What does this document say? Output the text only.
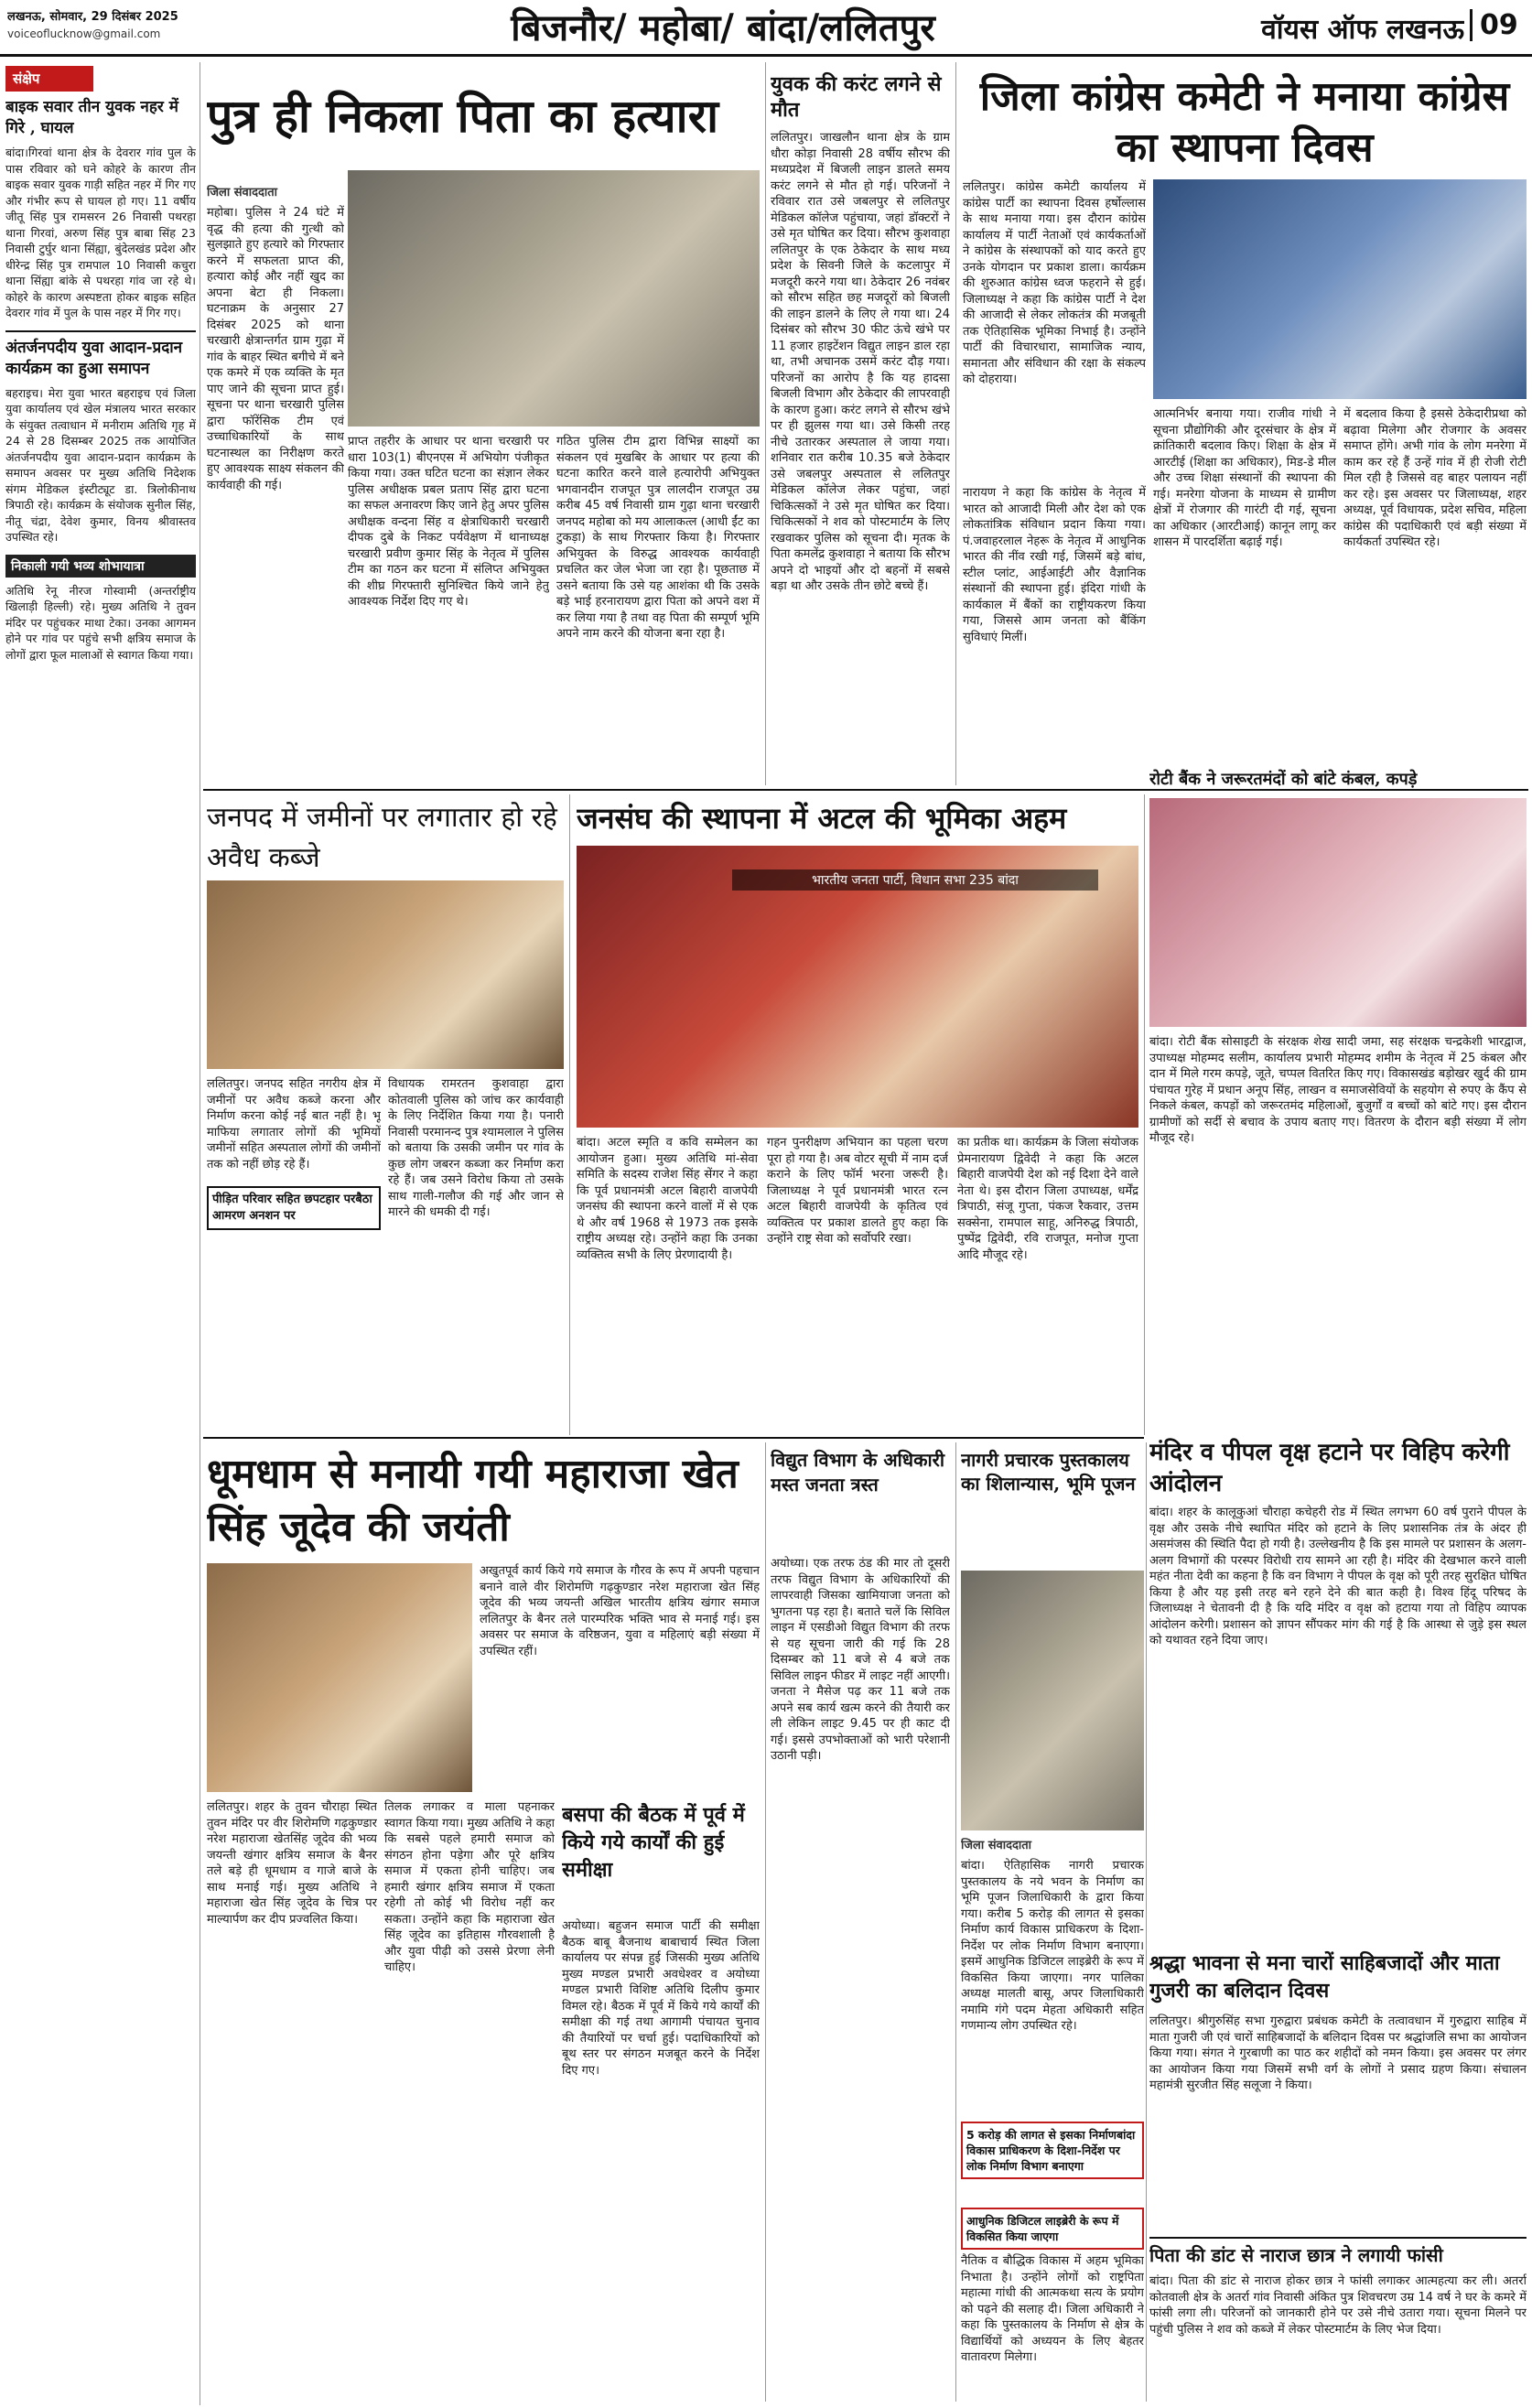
लखनऊ, सोमवार, 29 दिसंबर 2025
voiceoflucknow@gmail.com	बिजनौर/ महोबा/ बांदा/ललितपुर	वॉयस ऑफ लखनऊ 09
संक्षेप
बाइक सवार तीन युवक नहर में गिरे , घायल
बांदा।गिरवां थाना क्षेत्र के देवरार गांव पुल के पास रविवार को घने कोहरे के कारण तीन बाइक सवार युवक गाड़ी सहित नहर में गिर गए और गंभीर रूप से घायल हो गए। 11 वर्षीय जीतू सिंह पुत्र रामसरन 26 निवासी पथरहा थाना गिरवां, अरुण सिंह पुत्र बाबा सिंह 23 निवासी टुर्घुर थाना सिंह्या, बुंदेलखंड प्रदेश और धीरेन्द्र सिंह पुत्र रामपाल 10 निवासी कचुरा थाना सिंह्या बांके से पथरहा गांव जा रहे थे। कोहरे के कारण अस्पष्टता होकर बाइक सहित देवरार गांव में पुल के पास नहर में गिर गए।
अंतर्जनपदीय युवा आदान-प्रदान कार्यक्रम का हुआ समापन
बहराइच। मेरा युवा भारत बहराइच एवं जिला युवा कार्यालय एवं खेल मंत्रालय भारत सरकार के संयुक्त तत्वाधान में मनीराम अतिथि गृह में 24 से 28 दिसम्बर 2025 तक आयोजित अंतर्जनपदीय युवा आदान-प्रदान कार्यक्रम के समापन अवसर पर मुख्य अतिथि निदेशक संगम मेडिकल इंस्टीट्यूट डा. त्रिलोकीनाथ त्रिपाठी रहे। कार्यक्रम के संयोजक सुनील सिंह, नीतू चंद्रा, देवेश कुमार, विनय श्रीवास्तव उपस्थित रहे।
निकाली गयी भव्य शोभायात्रा
अतिथि रेनू नीरज गोस्वामी (अन्तर्राष्ट्रीय खिलाड़ी हिल्ली) रहे। मुख्य अतिथि ने तुवन मंदिर पर पहुंचकर माथा टेका। उनका आगमन होने पर गांव पर पहुंचे सभी क्षत्रिय समाज के लोगों द्वारा फूल मालाओं से स्वागत किया गया।
पुत्र ही निकला पिता का हत्यारा
जिला संवाददाता
महोबा। पुलिस ने 24 घंटे में वृद्ध की हत्या की गुत्थी को सुलझाते हुए हत्यारे को गिरफ्तार करने में सफलता प्राप्त की, हत्यारा कोई और नहीं खुद का अपना बेटा ही निकला। घटनाक्रम के अनुसार 27 दिसंबर 2025 को थाना चरखारी क्षेत्रान्तर्गत ग्राम गुढ़ा में गांव के बाहर स्थित बगीचे में बने एक कमरे में एक व्यक्ति के मृत पाए जाने की सूचना प्राप्त हुई। सूचना पर थाना चरखारी पुलिस द्वारा फॉरेंसिक टीम एवं उच्चाधिकारियों के साथ घटनास्थल का निरीक्षण करते हुए आवश्यक साक्ष्य संकलन की कार्यवाही की गई।
प्राप्त तहरीर के आधार पर थाना चरखारी पर धारा 103(1) बीएनएस में अभियोग पंजीकृत किया गया। उक्त घटित घटना का संज्ञान लेकर पुलिस अधीक्षक प्रबल प्रताप सिंह द्वारा घटना का सफल अनावरण किए जाने हेतु अपर पुलिस अधीक्षक वन्दना सिंह व क्षेत्राधिकारी चरखारी दीपक दुबे के निकट पर्यवेक्षण में थानाध्यक्ष चरखारी प्रवीण कुमार सिंह के नेतृत्व में पुलिस टीम का गठन कर घटना में संलिप्त अभियुक्त की शीघ्र गिरफ्तारी सुनिश्चित किये जाने हेतु आवश्यक निर्देश दिए गए थे।
गठित पुलिस टीम द्वारा विभिन्न साक्ष्यों का संकलन एवं मुखबिर के आधार पर हत्या की घटना कारित करने वाले हत्यारोपी अभियुक्त भगवानदीन राजपूत पुत्र लालदीन राजपूत उम्र करीब 45 वर्ष निवासी ग्राम गुढ़ा थाना चरखारी जनपद महोबा को मय आलाकत्ल (आधी ईंट का टुकड़ा) के साथ गिरफ्तार किया है। गिरफ्तार अभियुक्त के विरुद्ध आवश्यक कार्यवाही प्रचलित कर जेल भेजा जा रहा है। पूछताछ में उसने बताया कि उसे यह आशंका थी कि उसके बड़े भाई हरनारायण द्वारा पिता को अपने वश में कर लिया गया है तथा वह पिता की सम्पूर्ण भूमि अपने नाम करने की योजना बना रहा है।
युवक की करंट लगने से मौत
ललितपुर। जाखलौन थाना क्षेत्र के ग्राम धौरा कोड़ा निवासी 28 वर्षीय सौरभ की मध्यप्रदेश में बिजली लाइन डालते समय करंट लगने से मौत हो गई। परिजनों ने रविवार रात उसे जबलपुर से ललितपुर मेडिकल कॉलेज पहुंचाया, जहां डॉक्टरों ने उसे मृत घोषित कर दिया। सौरभ कुशवाहा ललितपुर के एक ठेकेदार के साथ मध्य प्रदेश के सिवनी जिले के कटलापुर में मजदूरी करने गया था। ठेकेदार 26 नवंबर को सौरभ सहित छह मजदूरों को बिजली की लाइन डालने के लिए ले गया था। 24 दिसंबर को सौरभ 30 फीट ऊंचे खंभे पर 11 हजार हाइटेंशन विद्युत लाइन डाल रहा था, तभी अचानक उसमें करंट दौड़ गया। परिजनों का आरोप है कि यह हादसा बिजली विभाग और ठेकेदार की लापरवाही के कारण हुआ। करंट लगने से सौरभ खंभे पर ही झुलस गया था। उसे किसी तरह नीचे उतारकर अस्पताल ले जाया गया। शनिवार रात करीब 10.35 बजे ठेकेदार उसे जबलपुर अस्पताल से ललितपुर मेडिकल कॉलेज लेकर पहुंचा, जहां चिकित्सकों ने उसे मृत घोषित कर दिया। चिकित्सकों ने शव को पोस्टमार्टम के लिए रखवाकर पुलिस को सूचना दी। मृतक के पिता कमलेंद्र कुशवाहा ने बताया कि सौरभ अपने दो भाइयों और दो बहनों में सबसे बड़ा था और उसके तीन छोटे बच्चे हैं।
जिला कांग्रेस कमेटी ने मनाया कांग्रेस का स्थापना दिवस
ललितपुर। कांग्रेस कमेटी कार्यालय में कांग्रेस पार्टी का स्थापना दिवस हर्षोल्लास के साथ मनाया गया। इस दौरान कांग्रेस कार्यालय में पार्टी नेताओं एवं कार्यकर्ताओं ने कांग्रेस के संस्थापकों को याद करते हुए उनके योगदान पर प्रकाश डाला। कार्यक्रम की शुरुआत कांग्रेस ध्वज फहराने से हुई। जिलाध्यक्ष ने कहा कि कांग्रेस पार्टी ने देश की आजादी से लेकर लोकतंत्र की मजबूती तक ऐतिहासिक भूमिका निभाई है। उन्होंने पार्टी की विचारधारा, सामाजिक न्याय, समानता और संविधान की रक्षा के संकल्प को दोहराया।
नारायण ने कहा कि कांग्रेस के नेतृत्व में भारत को आजादी मिली और देश को एक लोकतांत्रिक संविधान प्रदान किया गया। पं.जवाहरलाल नेहरू के नेतृत्व में आधुनिक भारत की नींव रखी गई, जिसमें बड़े बांध, स्टील प्लांट, आईआईटी और वैज्ञानिक संस्थानों की स्थापना हुई। इंदिरा गांधी के कार्यकाल में बैंकों का राष्ट्रीयकरण किया गया, जिससे आम जनता को बैंकिंग सुविधाएं मिलीं।
आत्मनिर्भर बनाया गया। राजीव गांधी ने सूचना प्रौद्योगिकी और दूरसंचार के क्षेत्र में क्रांतिकारी बदलाव किए। शिक्षा के क्षेत्र में आरटीई (शिक्षा का अधिकार), मिड-डे मील और उच्च शिक्षा संस्थानों की स्थापना की गई। मनरेगा योजना के माध्यम से ग्रामीण क्षेत्रों में रोजगार की गारंटी दी गई, सूचना का अधिकार (आरटीआई) कानून लागू कर शासन में पारदर्शिता बढ़ाई गई।
में बदलाव किया है इससे ठेकेदारीप्रथा को बढ़ावा मिलेगा और रोजगार के अवसर समाप्त होंगे। अभी गांव के लोग मनरेगा में काम कर रहे हैं उन्हें गांव में ही रोजी रोटी मिल रही है जिससे वह बाहर पलायन नहीं कर रहे। इस अवसर पर जिलाध्यक्ष, शहर अध्यक्ष, पूर्व विधायक, प्रदेश सचिव, महिला कांग्रेस की पदाधिकारी एवं बड़ी संख्या में कार्यकर्ता उपस्थित रहे।
जनपद में जमीनों पर लगातार हो रहे अवैध कब्जे
ललितपुर। जनपद सहित नगरीय क्षेत्र में जमीनों पर अवैध कब्जे करना और निर्माण करना कोई नई बात नहीं है। भू माफिया लगातार लोगों की भूमियों जमीनों सहित अस्पताल लोगों की जमीनों तक को नहीं छोड़ रहे हैं।
पीड़ित परिवार सहित छपटहार परबैठा आमरण अनशन पर
विधायक रामरतन कुशवाहा द्वारा कोतवाली पुलिस को जांच कर कार्यवाही के लिए निर्देशित किया गया है। पनारी निवासी परमानन्द पुत्र श्यामलाल ने पुलिस को बताया कि उसकी जमीन पर गांव के कुछ लोग जबरन कब्जा कर निर्माण करा रहे हैं। जब उसने विरोध किया तो उसके साथ गाली-गलौज की गई और जान से मारने की धमकी दी गई।
जनसंघ की स्थापना में अटल की भूमिका अहम
भारतीय जनता पार्टी, विधान सभा 235 बांदा
बांदा। अटल स्मृति व कवि सम्मेलन का आयोजन हुआ। मुख्य अतिथि मां-सेवा समिति के सदस्य राजेश सिंह सेंगर ने कहा कि पूर्व प्रधानमंत्री अटल बिहारी वाजपेयी जनसंघ की स्थापना करने वालों में से एक थे और वर्ष 1968 से 1973 तक इसके राष्ट्रीय अध्यक्ष रहे। उन्होंने कहा कि उनका व्यक्तित्व सभी के लिए प्रेरणादायी है।
गहन पुनरीक्षण अभियान का पहला चरण पूरा हो गया है। अब वोटर सूची में नाम दर्ज कराने के लिए फॉर्म भरना जरूरी है। जिलाध्यक्ष ने पूर्व प्रधानमंत्री भारत रत्न अटल बिहारी वाजपेयी के कृतित्व एवं व्यक्तित्व पर प्रकाश डालते हुए कहा कि उन्होंने राष्ट्र सेवा को सर्वोपरि रखा।
का प्रतीक था। कार्यक्रम के जिला संयोजक प्रेमनारायण द्विवेदी ने कहा कि अटल बिहारी वाजपेयी देश को नई दिशा देने वाले नेता थे। इस दौरान जिला उपाध्यक्ष, धर्मेंद्र त्रिपाठी, संजू गुप्ता, पंकज रैकवार, उत्तम सक्सेना, रामपाल साहू, अनिरुद्ध त्रिपाठी, पुष्पेंद्र द्विवेदी, रवि राजपूत, मनोज गुप्ता आदि मौजूद रहे।
रोटी बैंक ने जरूरतमंदों को बांटे कंबल, कपड़े
बांदा। रोटी बैंक सोसाइटी के संरक्षक शेख सादी जमा, सह संरक्षक चन्द्रकेशी भारद्वाज, उपाध्यक्ष मोहम्मद सलीम, कार्यालय प्रभारी मोहम्मद शमीम के नेतृत्व में 25 कंबल और दान में मिले गरम कपड़े, जूते, चप्पल वितरित किए गए। विकासखंड बड़ोखर खुर्द की ग्राम पंचायत गुरेह में प्रधान अनूप सिंह, लाखन व समाजसेवियों के सहयोग से रुपए के कैंप से निकले कंबल, कपड़ों को जरूरतमंद महिलाओं, बुजुर्गों व बच्चों को बांटे गए। इस दौरान ग्रामीणों को सर्दी से बचाव के उपाय बताए गए। वितरण के दौरान बड़ी संख्या में लोग मौजूद रहे।
मंदिर व पीपल वृक्ष हटाने पर विहिप करेगी आंदोलन
धूमधाम से मनायी गयी महाराजा खेत सिंह जूदेव की जयंती
ललितपुर। शहर के तुवन चौराहा स्थित तुवन मंदिर पर वीर शिरोमणि गढ़कुण्डार नरेश महाराजा खेतसिंह जूदेव की भव्य जयन्ती खंगार क्षत्रिय समाज के बैनर तले बड़े ही धूमधाम व गाजे बाजे के साथ मनाई गई। मुख्य अतिथि ने महाराजा खेत सिंह जूदेव के चित्र पर माल्यार्पण कर दीप प्रज्वलित किया।
तिलक लगाकर व माला पहनाकर स्वागत किया गया। मुख्य अतिथि ने कहा कि सबसे पहले हमारी समाज को संगठन होना पड़ेगा और पूरे क्षत्रिय समाज में एकता होनी चाहिए। जब हमारी खंगार क्षत्रिय समाज में एकता रहेगी तो कोई भी विरोध नहीं कर सकता। उन्होंने कहा कि महाराजा खेत सिंह जूदेव का इतिहास गौरवशाली है और युवा पीढ़ी को उससे प्रेरणा लेनी चाहिए।
अखुतपूर्व कार्य किये गये समाज के गौरव के रूप में अपनी पहचान बनाने वाले वीर शिरोमणि गढ़कुण्डार नरेश महाराजा खेत सिंह जूदेव की भव्य जयन्ती अखिल भारतीय क्षत्रिय खंगार समाज ललितपुर के बैनर तले पारम्परिक भक्ति भाव से मनाई गई। इस अवसर पर समाज के वरिष्ठजन, युवा व महिलाएं बड़ी संख्या में उपस्थित रहीं।
बसपा की बैठक में पूर्व में किये गये कार्यों की हुई समीक्षा
अयोध्या। बहुजन समाज पार्टी की समीक्षा बैठक बाबू बैजनाथ बाबाचार्य स्थित जिला कार्यालय पर संपन्न हुई जिसकी मुख्य अतिथि मुख्य मण्डल प्रभारी अवधेश्वर व अयोध्या मण्डल प्रभारी विशिष्ट अतिथि दिलीप कुमार विमल रहे। बैठक में पूर्व में किये गये कार्यों की समीक्षा की गई तथा आगामी पंचायत चुनाव की तैयारियों पर चर्चा हुई। पदाधिकारियों को बूथ स्तर पर संगठन मजबूत करने के निर्देश दिए गए।
विद्युत विभाग के अधिकारी मस्त जनता त्रस्त
अयोध्या। एक तरफ ठंड की मार तो दूसरी तरफ विद्युत विभाग के अधिकारियों की लापरवाही जिसका खामियाजा जनता को भुगतना पड़ रहा है। बताते चलें कि सिविल लाइन में एसडीओ विद्युत विभाग की तरफ से यह सूचना जारी की गई कि 28 दिसम्बर को 11 बजे से 4 बजे तक सिविल लाइन फीडर में लाइट नहीं आएगी। जनता ने मैसेज पढ़ कर 11 बजे तक अपने सब कार्य खत्म करने की तैयारी कर ली लेकिन लाइट 9.45 पर ही काट दी गई। इससे उपभोक्ताओं को भारी परेशानी उठानी पड़ी।
नागरी प्रचारक पुस्तकालय का शिलान्यास, भूमि पूजन
जिला संवाददाता
बांदा। ऐतिहासिक नागरी प्रचारक पुस्तकालय के नये भवन के निर्माण का भूमि पूजन जिलाधिकारी के द्वारा किया गया। करीब 5 करोड़ की लागत से इसका निर्माण कार्य विकास प्राधिकरण के दिशा-निर्देश पर लोक निर्माण विभाग बनाएगा। इसमें आधुनिक डिजिटल लाइब्रेरी के रूप में विकसित किया जाएगा। नगर पालिका अध्यक्ष मालती बासू, अपर जिलाधिकारी नमामि गंगे पदम मेहता अधिकारी सहित गणमान्य लोग उपस्थित रहे।
5 करोड़ की लागत से इसका निर्माणबांदा विकास प्राधिकरण के दिशा-निर्देश पर लोक निर्माण विभाग बनाएगा
आधुनिक डिजिटल लाइब्रेरी के रूप में विकसित किया जाएगा
नैतिक व बौद्धिक विकास में अहम भूमिका निभाता है। उन्होंने लोगों को राष्ट्रपिता महात्मा गांधी की आत्मकथा सत्य के प्रयोग को पढ़ने की सलाह दी। जिला अधिकारी ने कहा कि पुस्तकालय के निर्माण से क्षेत्र के विद्यार्थियों को अध्ययन के लिए बेहतर वातावरण मिलेगा।
बांदा। शहर के कालूकुआं चौराहा कचेहरी रोड में स्थित लगभग 60 वर्ष पुराने पीपल के वृक्ष और उसके नीचे स्थापित मंदिर को हटाने के लिए प्रशासनिक तंत्र के अंदर ही असमंजस की स्थिति पैदा हो गयी है। उल्लेखनीय है कि इस मामले पर प्रशासन के अलग-अलग विभागों की परस्पर विरोधी राय सामने आ रही है। मंदिर की देखभाल करने वाली महंत नीता देवी का कहना है कि वन विभाग ने पीपल के वृक्ष को पूरी तरह सुरक्षित घोषित किया है और यह इसी तरह बने रहने देने की बात कही है। विश्व हिंदू परिषद के जिलाध्यक्ष ने चेतावनी दी है कि यदि मंदिर व वृक्ष को हटाया गया तो विहिप व्यापक आंदोलन करेगी। प्रशासन को ज्ञापन सौंपकर मांग की गई है कि आस्था से जुड़े इस स्थल को यथावत रहने दिया जाए।
श्रद्धा भावना से मना चारों साहिबजादों और माता गुजरी का बलिदान दिवस
ललितपुर। श्रीगुरुसिंह सभा गुरुद्वारा प्रबंधक कमेटी के तत्वावधान में गुरुद्वारा साहिब में माता गुजरी जी एवं चारों साहिबजादों के बलिदान दिवस पर श्रद्धांजलि सभा का आयोजन किया गया। संगत ने गुरबाणी का पाठ कर शहीदों को नमन किया। इस अवसर पर लंगर का आयोजन किया गया जिसमें सभी वर्ग के लोगों ने प्रसाद ग्रहण किया। संचालन महामंत्री सुरजीत सिंह सलूजा ने किया।
पिता की डांट से नाराज छात्र ने लगायी फांसी
बांदा। पिता की डांट से नाराज होकर छात्र ने फांसी लगाकर आत्महत्या कर ली। अतर्रा कोतवाली क्षेत्र के अतर्रा गांव निवासी अंकित पुत्र शिवचरण उम्र 14 वर्ष ने घर के कमरे में फांसी लगा ली। परिजनों को जानकारी होने पर उसे नीचे उतारा गया। सूचना मिलने पर पहुंची पुलिस ने शव को कब्जे में लेकर पोस्टमार्टम के लिए भेज दिया।
